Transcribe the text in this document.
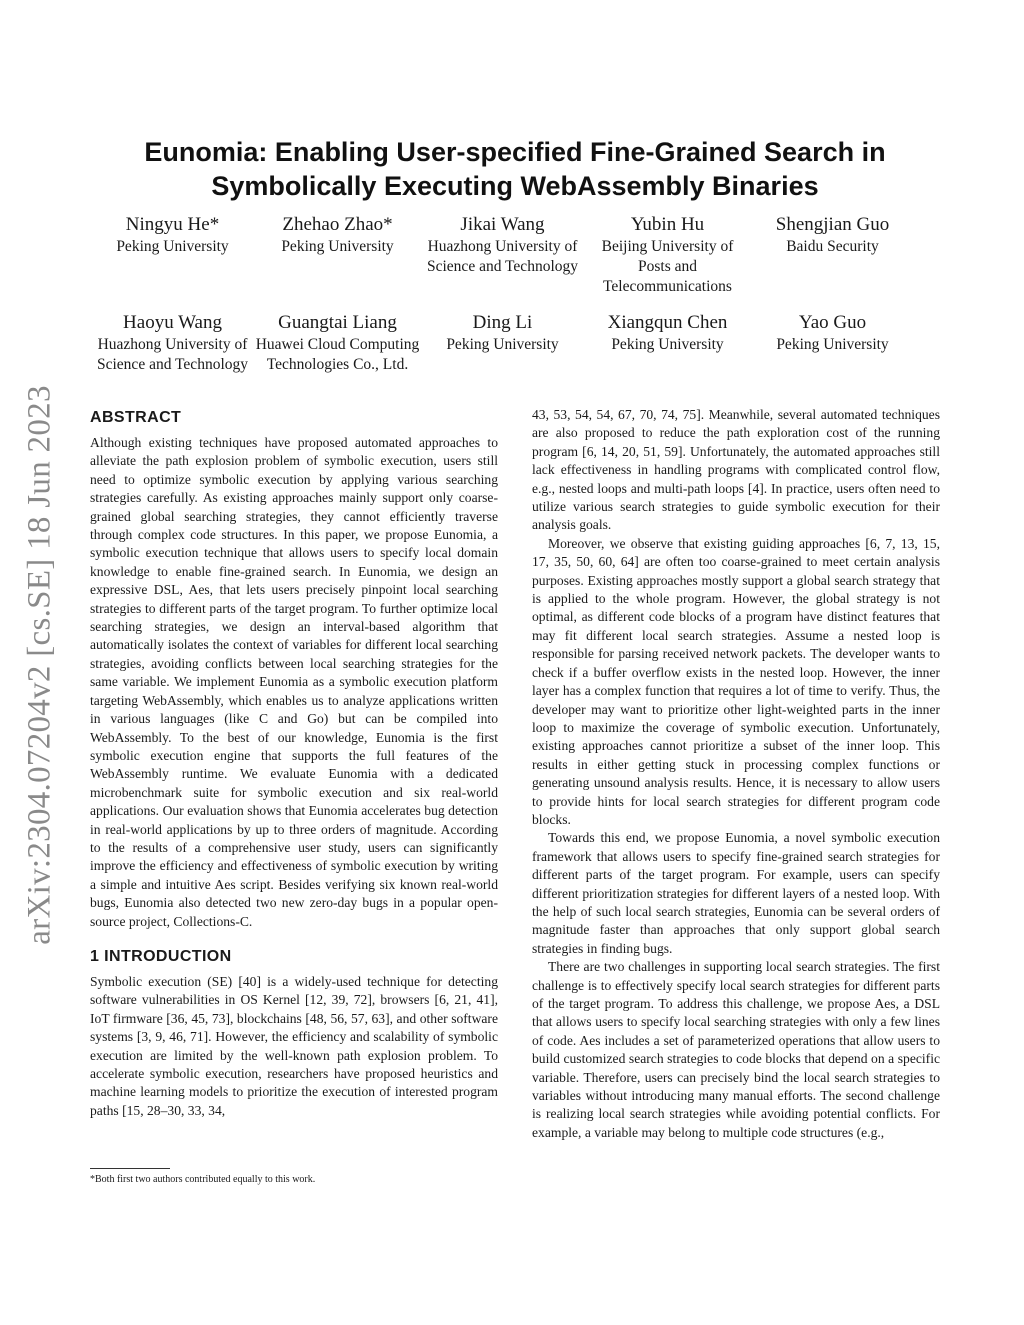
arXiv:2304.07204v2 [cs.SE] 18 Jun 2023
Eunomia: Enabling User-specified Fine-Grained Search in
Symbolically Executing WebAssembly Binaries
Ningyu He*
Peking University
Zhehao Zhao*
Peking University
Jikai Wang
Huazhong University of Science and Technology
Yubin Hu
Beijing University of Posts and Telecommunications
Shengjian Guo
Baidu Security
Haoyu Wang
Huazhong University of Science and Technology
Guangtai Liang
Huawei Cloud Computing Technologies Co., Ltd.
Ding Li
Peking University
Xiangqun Chen
Peking University
Yao Guo
Peking University
ABSTRACT

Although existing techniques have proposed automated approaches to alleviate the path explosion problem of symbolic execution, users still need to optimize symbolic execution by applying various searching strategies carefully. As existing approaches mainly support only coarse-grained global searching strategies, they cannot efficiently traverse through complex code structures. In this paper, we propose Eunomia, a symbolic execution technique that allows users to specify local domain knowledge to enable fine-grained search. In Eunomia, we design an expressive DSL, Aes, that lets users precisely pinpoint local searching strategies to different parts of the target program. To further optimize local searching strategies, we design an interval-based algorithm that automatically isolates the context of variables for different local searching strategies, avoiding conflicts between local searching strategies for the same variable. We implement Eunomia as a symbolic execution platform targeting WebAssembly, which enables us to analyze applications written in various languages (like C and Go) but can be compiled into WebAssembly. To the best of our knowledge, Eunomia is the first symbolic execution engine that supports the full features of the WebAssembly runtime. We evaluate Eunomia with a dedicated microbenchmark suite for symbolic execution and six real-world applications. Our evaluation shows that Eunomia accelerates bug detection in real-world applications by up to three orders of magnitude. According to the results of a comprehensive user study, users can significantly improve the efficiency and effectiveness of symbolic execution by writing a simple and intuitive Aes script. Besides verifying six known real-world bugs, Eunomia also detected two new zero-day bugs in a popular open-source project, Collections-C.

1 INTRODUCTION

Symbolic execution (SE) [40] is a widely-used technique for detecting software vulnerabilities in OS Kernel [12, 39, 72], browsers [6, 21, 41], IoT firmware [36, 45, 73], blockchains [48, 56, 57, 63], and other software systems [3, 9, 46, 71]. However, the efficiency and scalability of symbolic execution are limited by the well-known path explosion problem. To accelerate symbolic execution, researchers have proposed heuristics and machine learning models to prioritize the execution of interested program paths [15, 28–30, 33, 34,

43, 53, 54, 54, 67, 70, 74, 75]. Meanwhile, several automated techniques are also proposed to reduce the path exploration cost of the running program [6, 14, 20, 51, 59]. Unfortunately, the automated approaches still lack effectiveness in handling programs with complicated control flow, e.g., nested loops and multi-path loops [4]. In practice, users often need to utilize various search strategies to guide symbolic execution for their analysis goals.

Moreover, we observe that existing guiding approaches [6, 7, 13, 15, 17, 35, 50, 60, 64] are often too coarse-grained to meet certain analysis purposes. Existing approaches mostly support a global search strategy that is applied to the whole program. However, the global strategy is not optimal, as different code blocks of a program have distinct features that may fit different local search strategies. Assume a nested loop is responsible for parsing received network packets. The developer wants to check if a buffer overflow exists in the nested loop. However, the inner layer has a complex function that requires a lot of time to verify. Thus, the developer may want to prioritize other light-weighted parts in the inner loop to maximize the coverage of symbolic execution. Unfortunately, existing approaches cannot prioritize a subset of the inner loop. This results in either getting stuck in processing complex functions or generating unsound analysis results. Hence, it is necessary to allow users to provide hints for local search strategies for different program code blocks.

Towards this end, we propose Eunomia, a novel symbolic execution framework that allows users to specify fine-grained search strategies for different parts of the target program. For example, users can specify different prioritization strategies for different layers of a nested loop. With the help of such local search strategies, Eunomia can be several orders of magnitude faster than approaches that only support global search strategies in finding bugs.

There are two challenges in supporting local search strategies. The first challenge is to effectively specify local search strategies for different parts of the target program. To address this challenge, we propose Aes, a DSL that allows users to specify local searching strategies with only a few lines of code. Aes includes a set of parameterized operations that allow users to build customized search strategies to code blocks that depend on a specific variable. Therefore, users can precisely bind the local search strategies to variables without introducing many manual efforts. The second challenge is realizing local search strategies while avoiding potential conflicts. For example, a variable may belong to multiple code structures (e.g.,

*Both first two authors contributed equally to this work.
